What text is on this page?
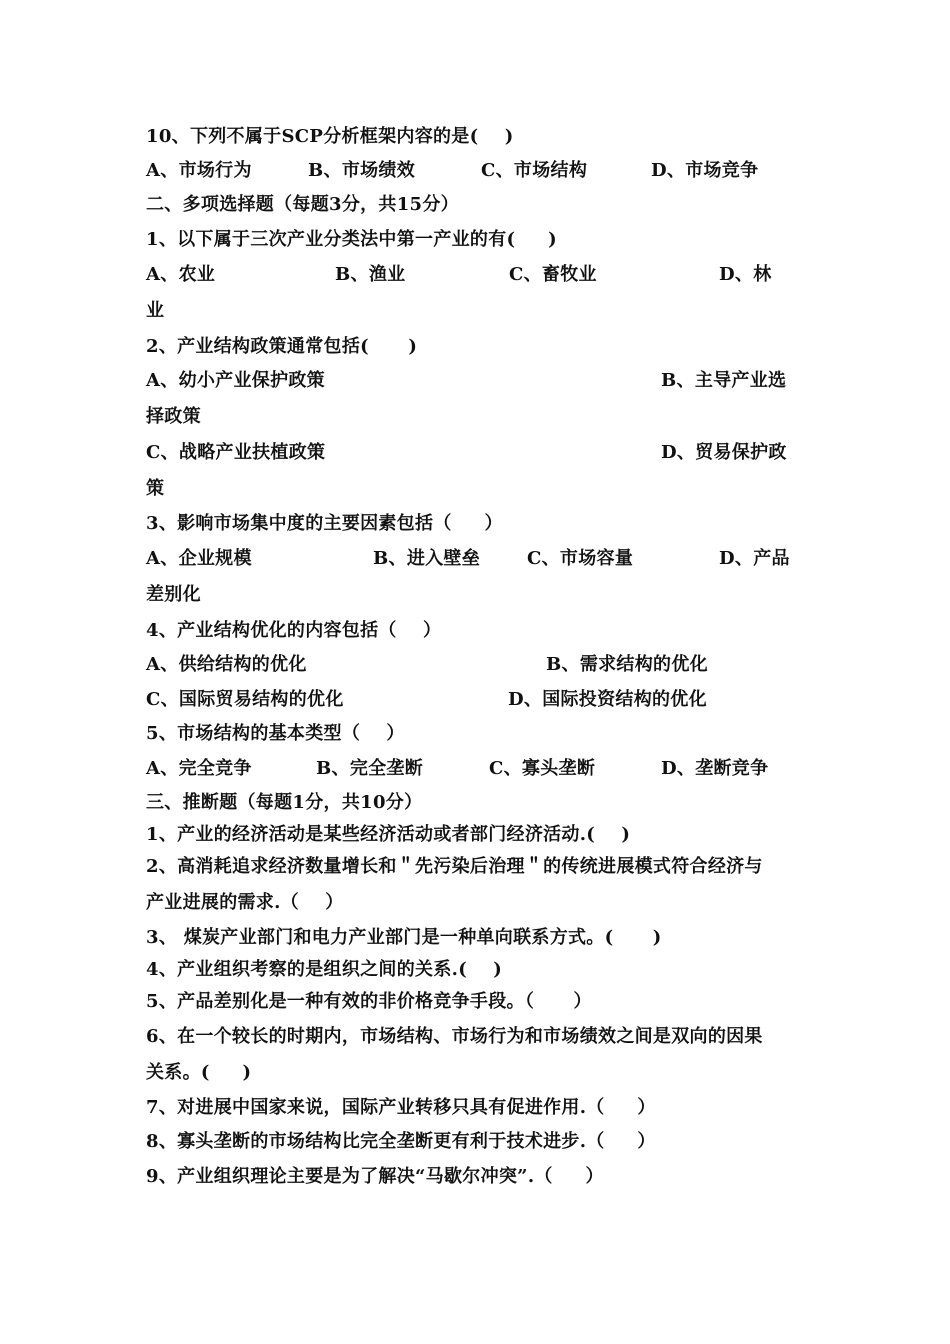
10、下列不属于SCP分析框架内容的是(    )
A、市场行为	B、市场绩效	C、市场结构	D、市场竞争
二、多项选择题（每题3分，共15分）
1、以下属于三次产业分类法中第一产业的有(     )
A、农业	B、渔业	C、畜牧业	D、林
业
2、产业结构政策通常包括(      )
A、幼小产业保护政策	B、主导产业选
择政策
C、战略产业扶植政策	D、贸易保护政
策
3、影响市场集中度的主要因素包括（     ）
A、企业规模	B、进入壁垒	C、市场容量	D、产品
差别化
4、产业结构优化的内容包括（    ）
A、供给结构的优化	B、需求结构的优化
C、国际贸易结构的优化	D、国际投资结构的优化
5、市场结构的基本类型（    ）
A、完全竞争	B、完全垄断	C、寡头垄断	D、垄断竞争
三、推断题（每题1分，共10分）
1、产业的经济活动是某些经济活动或者部门经济活动.(    )
2、高消耗追求经济数量增长和＂先污染后治理＂的传统进展模式符合经济与
产业进展的需求.（    ）
3、 煤炭产业部门和电力产业部门是一种单向联系方式。(      )
4、产业组织考察的是组织之间的关系.(    )
5、产品差别化是一种有效的非价格竞争手段。（      ）
6、在一个较长的时期内，市场结构、市场行为和市场绩效之间是双向的因果
关系。(     )
7、对进展中国家来说，国际产业转移只具有促进作用.（     ）
8、寡头垄断的市场结构比完全垄断更有利于技术进步.（     ）
9、产业组织理论主要是为了解决“马歇尔冲突”.（     ）
